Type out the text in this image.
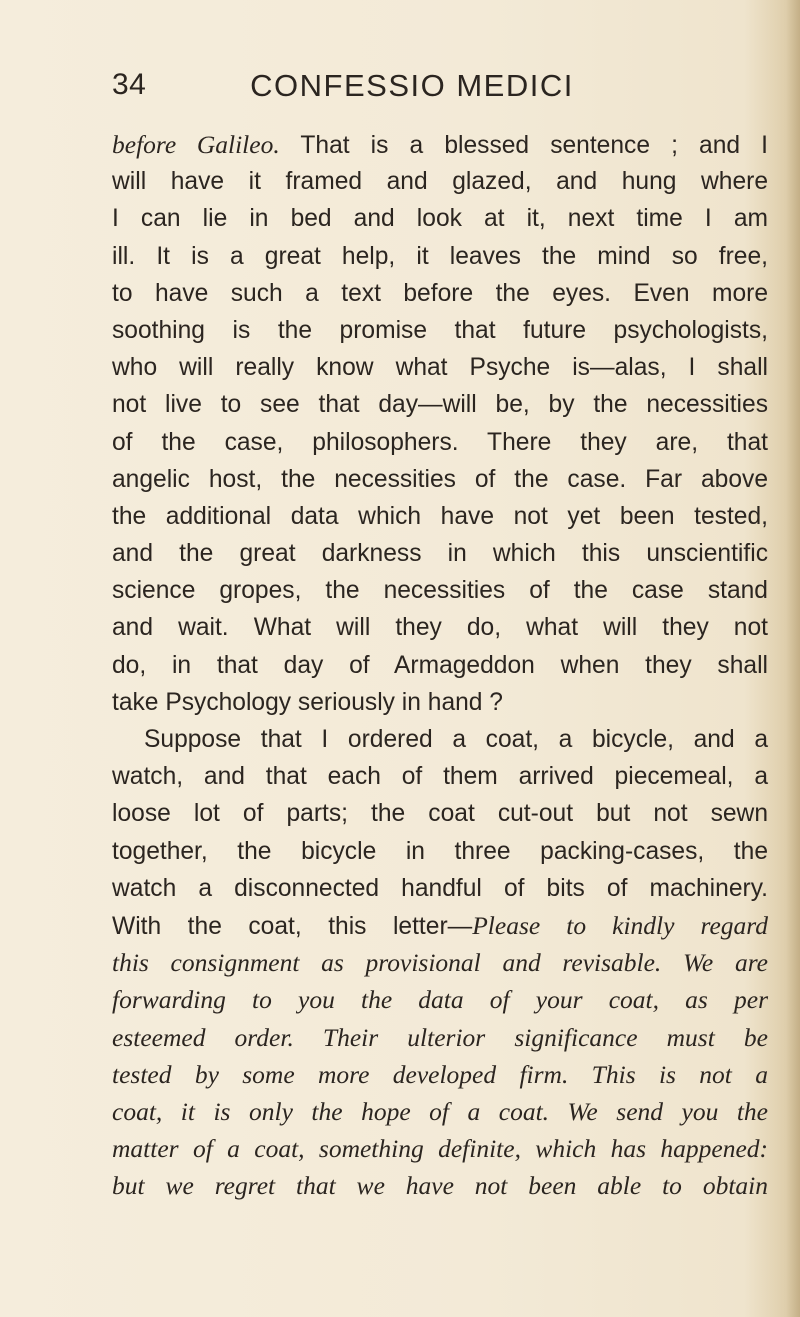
34	CONFESSIO MEDICI
before Galileo. That is a blessed sentence ; and I
will have it framed and glazed, and hung where
I can lie in bed and look at it, next time I am
ill. It is a great help, it leaves the mind so free,
to have such a text before the eyes. Even more
soothing is the promise that future psychologists,
who will really know what Psyche is—alas, I shall
not live to see that day—will be, by the necessities
of the case, philosophers. There they are, that
angelic host, the necessities of the case. Far above
the additional data which have not yet been tested,
and the great darkness in which this unscientific
science gropes, the necessities of the case stand
and wait. What will they do, what will they not
do, in that day of Armageddon when they shall
take Psychology seriously in hand ?
Suppose that I ordered a coat, a bicycle, and a
watch, and that each of them arrived piecemeal, a
loose lot of parts; the coat cut-out but not sewn
together, the bicycle in three packing-cases, the
watch a disconnected handful of bits of machinery.
With the coat, this letter—Please to kindly regard
this consignment as provisional and revisable. We are
forwarding to you the data of your coat, as per
esteemed order. Their ulterior significance must be
tested by some more developed firm. This is not a
coat, it is only the hope of a coat. We send you the
matter of a coat, something definite, which has happened:
but we regret that we have not been able to obtain
